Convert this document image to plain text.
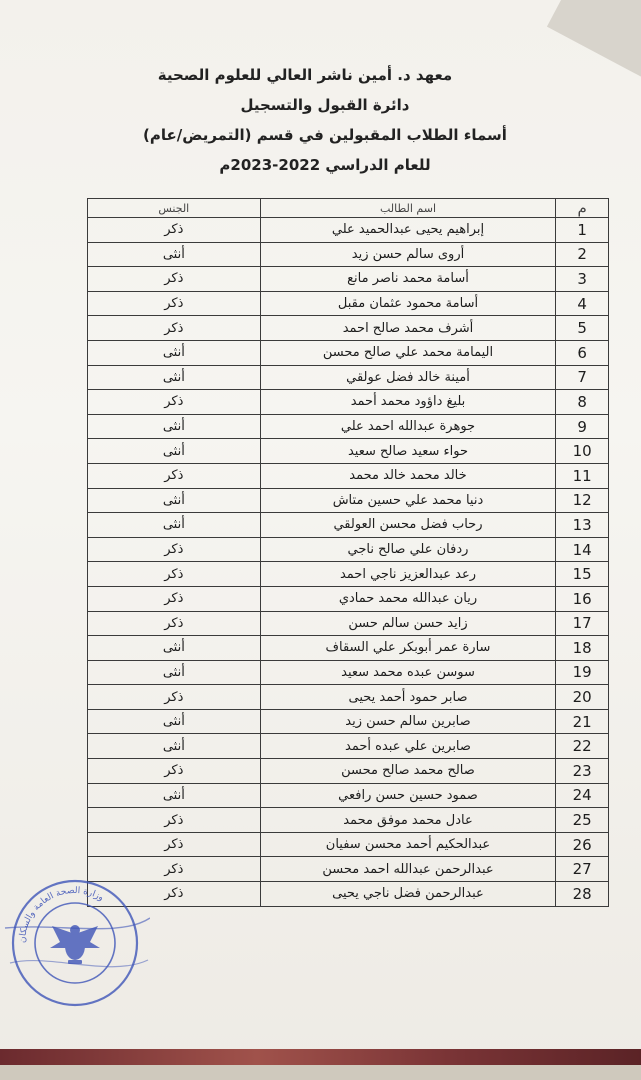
معهد د. أمين ناشر العالي للعلوم الصحية
دائرة القبول والتسجيل
أسماء الطلاب المقبولين في قسم (التمريض/عام)
للعام الدراسي 2022-2023م
م	اسم الطالب	الجنس
1	إبراهيم يحيى عبدالحميد علي	ذكر
2	أروى سالم حسن زيد	أنثى
3	أسامة محمد ناصر مانع	ذكر
4	أسامة محمود عثمان مقبل	ذكر
5	أشرف محمد صالح احمد	ذكر
6	اليمامة محمد علي صالح محسن	أنثى
7	أمينة خالد فضل عولقي	أنثى
8	بليغ داؤود محمد أحمد	ذكر
9	جوهرة عبدالله احمد علي	أنثى
10	حواء سعيد صالح سعيد	أنثى
11	خالد محمد خالد محمد	ذكر
12	دنيا محمد علي حسين متاش	أنثى
13	رحاب فضل محسن العولقي	أنثى
14	ردفان علي صالح ناجي	ذكر
15	رعد عبدالعزيز ناجي احمد	ذكر
16	ريان عبدالله محمد حمادي	ذكر
17	زايد حسن سالم حسن	ذكر
18	سارة عمر أبوبكر علي السقاف	أنثى
19	سوسن عبده محمد سعيد	أنثى
20	صابر حمود أحمد يحيى	ذكر
21	صابرين سالم حسن زيد	أنثى
22	صابرين علي عبده أحمد	أنثى
23	صالح محمد صالح محسن	ذكر
24	صمود حسين حسن رافعي	أنثى
25	عادل محمد موفق محمد	ذكر
26	عبدالحكيم أحمد محسن سفيان	ذكر
27	عبدالرحمن عبدالله احمد محسن	ذكر
28	عبدالرحمن فضل ناجي يحيى	ذكر
وزارة الصحة العامة والسكان
